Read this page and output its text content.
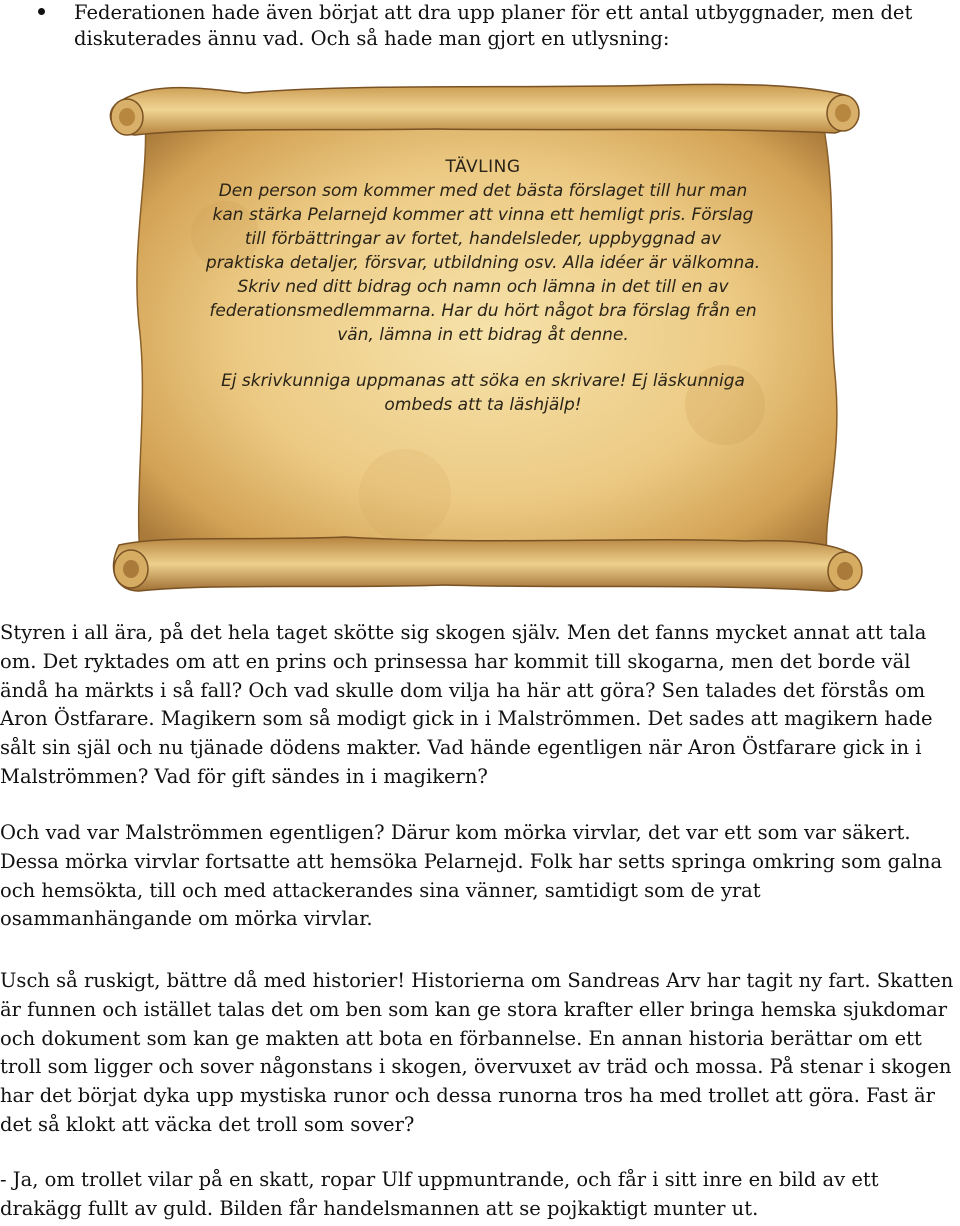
Federationen hade även börjat att dra upp planer för ett antal utbyggnader, men det diskuterades ännu vad. Och så hade man gjort en utlysning:
TÄVLING
Den person som kommer med det bästa förslaget till hur man kan stärka Pelarnejd kommer att vinna ett hemligt pris. Förslag till förbättringar av fortet, handelsleder, uppbyggnad av praktiska detaljer, försvar, utbildning osv. Alla idéer är välkomna. Skriv ned ditt bidrag och namn och lämna in det till en av federationsmedlemmarna. Har du hört något bra förslag från en vän, lämna in ett bidrag åt denne.
Ej skrivkunniga uppmanas att söka en skrivare! Ej läskunniga ombeds att ta läshjälp!
Styren i all ära, på det hela taget skötte sig skogen själv. Men det fanns mycket annat att tala om. Det ryktades om att en prins och prinsessa har kommit till skogarna, men det borde väl ändå ha märkts i så fall? Och vad skulle dom vilja ha här att göra? Sen talades det förstås om Aron Östfarare. Magikern som så modigt gick in i Malströmmen. Det sades att magikern hade sålt sin själ och nu tjänade dödens makter. Vad hände egentligen när Aron Östfarare gick in i Malströmmen? Vad för gift sändes in i magikern?
Och vad var Malströmmen egentligen? Därur kom mörka virvlar, det var ett som var säkert. Dessa mörka virvlar fortsatte att hemsöka Pelarnejd. Folk har setts springa omkring som galna och hemsökta, till och med attackerandes sina vänner, samtidigt som de yrat osammanhängande om mörka virvlar.
Usch så ruskigt, bättre då med historier! Historierna om Sandreas Arv har tagit ny fart. Skatten är funnen och istället talas det om ben som kan ge stora krafter eller bringa hemska sjukdomar och dokument som kan ge makten att bota en förbannelse. En annan historia berättar om ett troll som ligger och sover någonstans i skogen, övervuxet av träd och mossa. På stenar i skogen har det börjat dyka upp mystiska runor och dessa runorna tros ha med trollet att göra. Fast är det så klokt att väcka det troll som sover?
- Ja, om trollet vilar på en skatt, ropar Ulf uppmuntrande, och får i sitt inre en bild av ett drakägg fullt av guld. Bilden får handelsmannen att se pojkaktigt munter ut.
